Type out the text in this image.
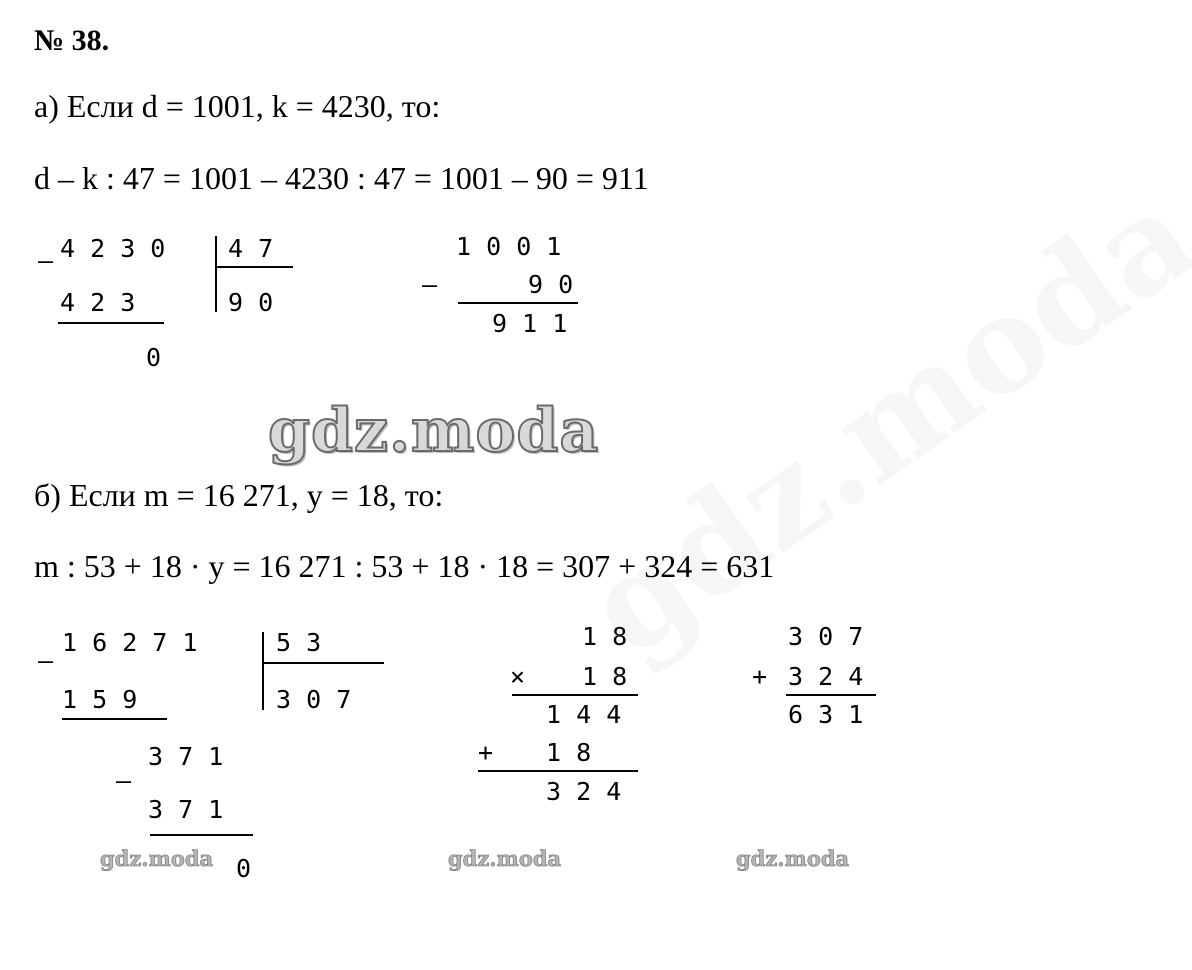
№ 38.
а) Если d = 1001, k = 4230, то:
d – k : 47 = 1001 – 4230 : 47 = 1001 – 90 = 911
– 4 2 3 0	4 7
9 0
4 2 3
0
1 0 0 1
–	9 0
9 1 1
gdz.moda
б) Если m = 16 271, y = 18, то:
m : 53 + 18 · y = 16 271 : 53 + 18 · 18 = 307 + 324 = 631
–
1 6 2 7 1	5 3
3 0 7
1 5 9
3 7 1
–
3 7 1
0
1 8
× 1 8
1 4 4
+ 1 8
3 2 4
3 0 7
+ 3 2 4
6 3 1
gdz.moda	gdz.moda	gdz.moda
